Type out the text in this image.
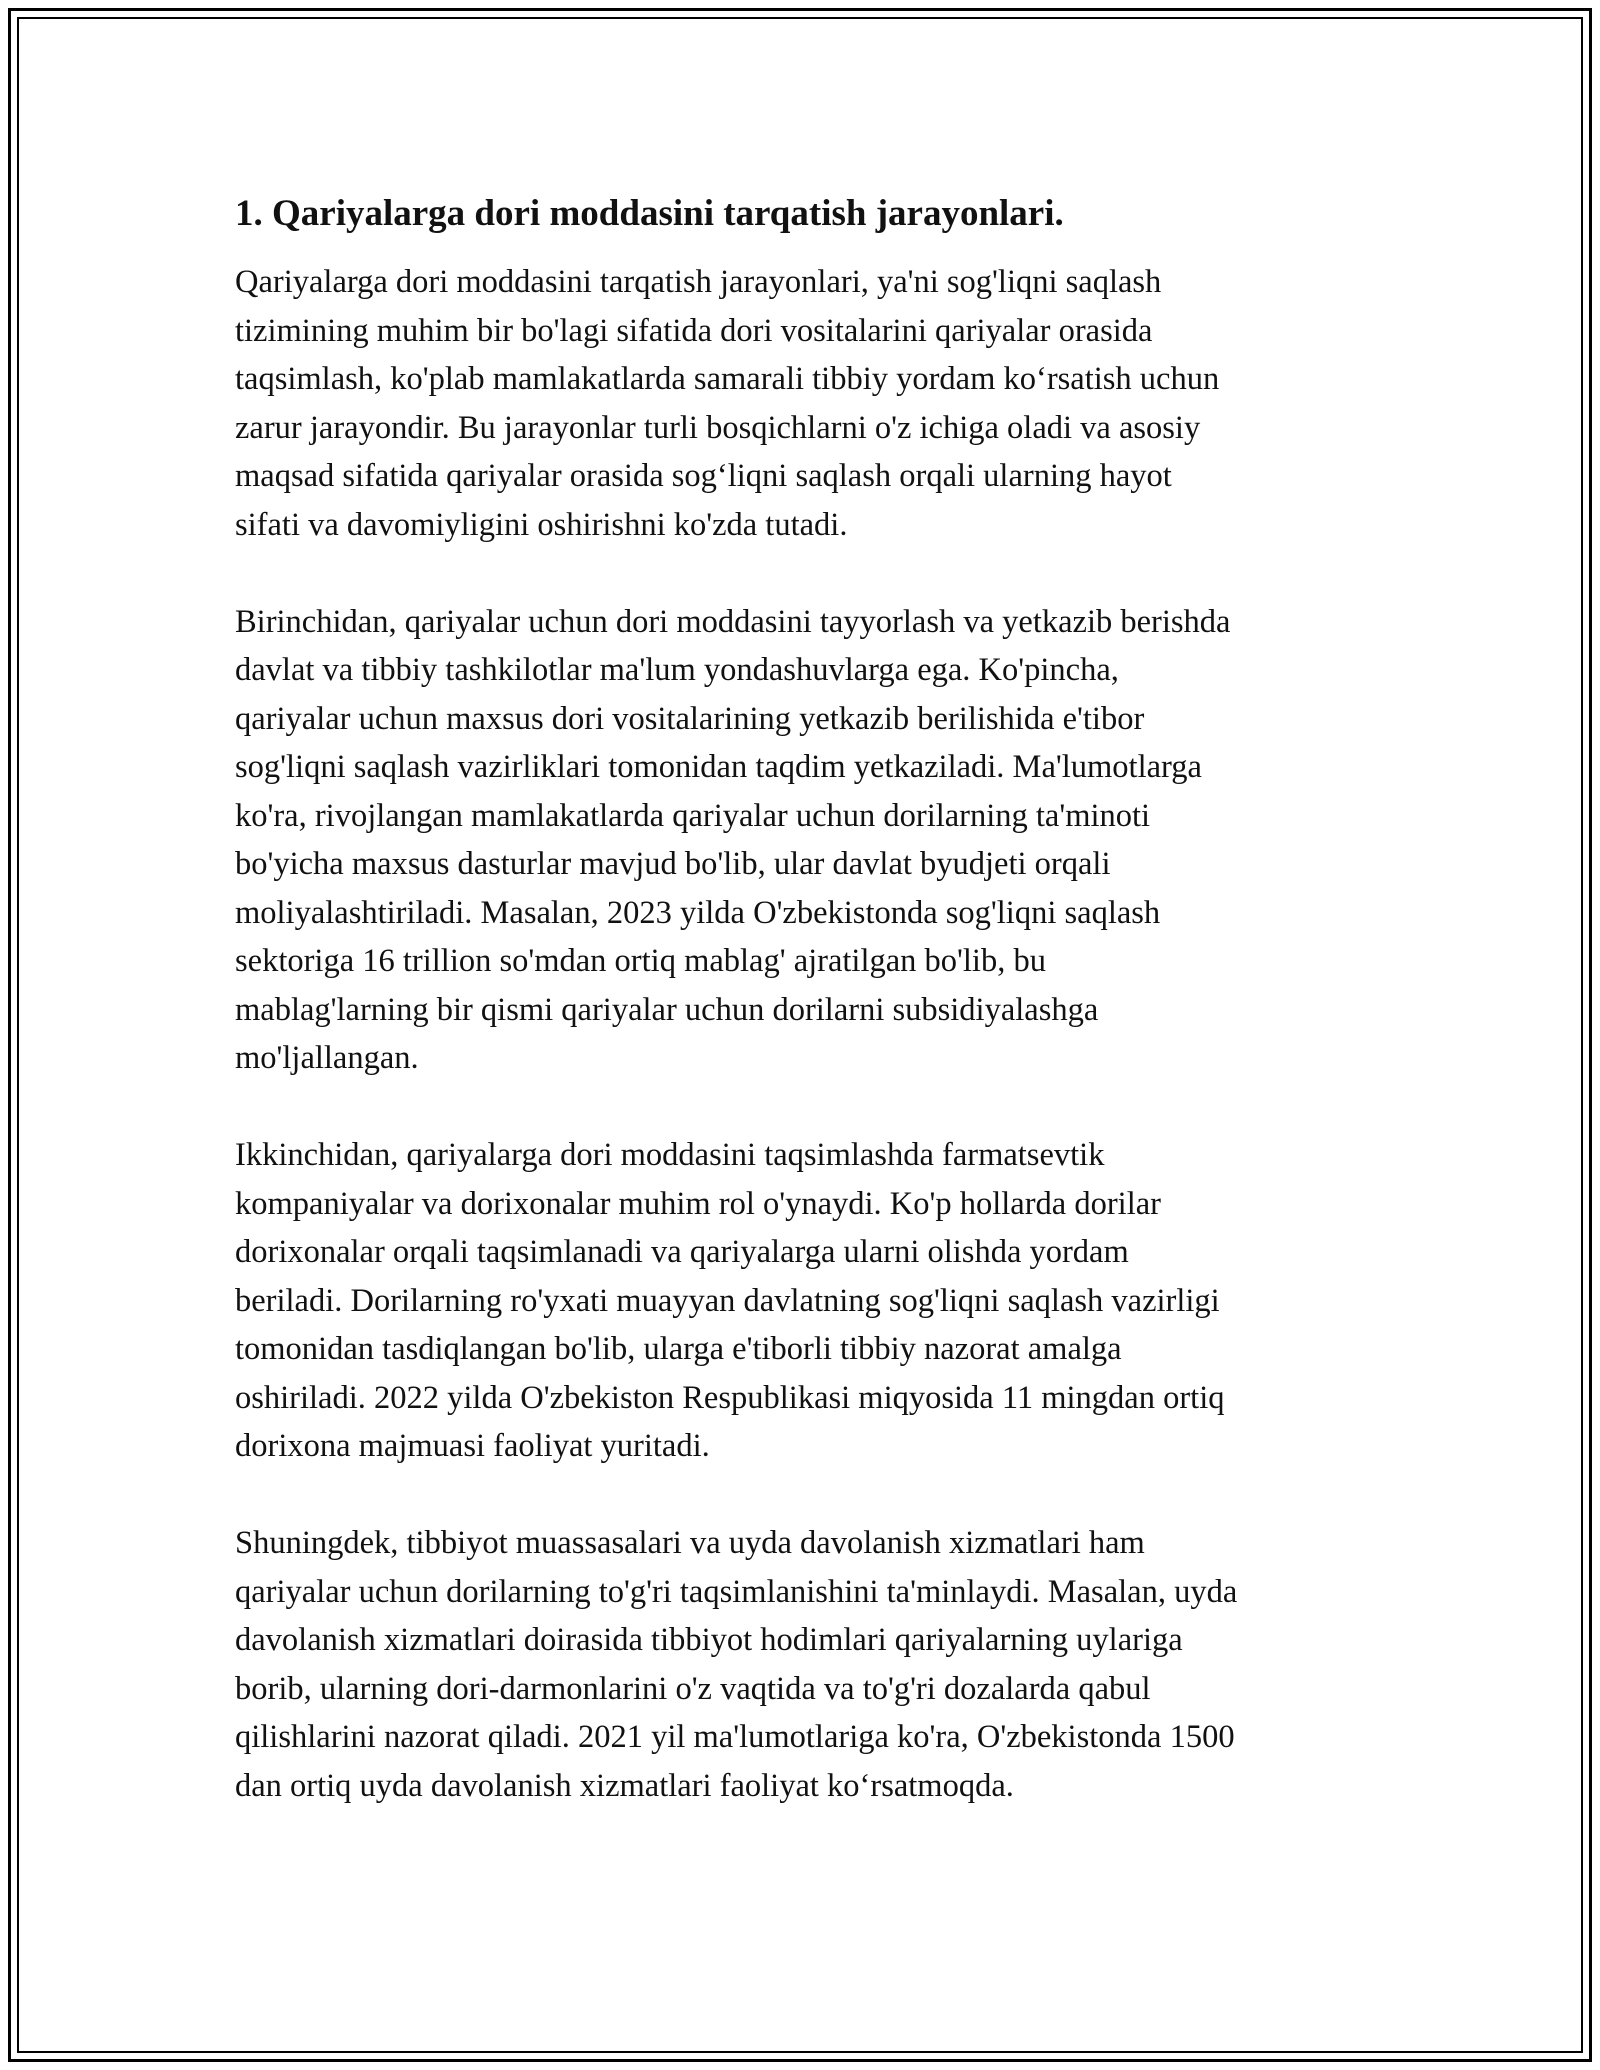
1. Qariyalarga dori moddasini tarqatish jarayonlari.

Qariyalarga dori moddasini tarqatish jarayonlari, ya'ni sog'liqni saqlash
tizimining muhim bir bo'lagi sifatida dori vositalarini qariyalar orasida
taqsimlash, ko'plab mamlakatlarda samarali tibbiy yordam ko‘rsatish uchun
zarur jarayondir. Bu jarayonlar turli bosqichlarni o'z ichiga oladi va asosiy
maqsad sifatida qariyalar orasida sog‘liqni saqlash orqali ularning hayot
sifati va davomiyligini oshirishni ko'zda tutadi.

Birinchidan, qariyalar uchun dori moddasini tayyorlash va yetkazib berishda
davlat va tibbiy tashkilotlar ma'lum yondashuvlarga ega. Ko'pincha,
qariyalar uchun maxsus dori vositalarining yetkazib berilishida e'tibor
sog'liqni saqlash vazirliklari tomonidan taqdim yetkaziladi. Ma'lumotlarga
ko'ra, rivojlangan mamlakatlarda qariyalar uchun dorilarning ta'minoti
bo'yicha maxsus dasturlar mavjud bo'lib, ular davlat byudjeti orqali
moliyalashtiriladi. Masalan, 2023 yilda O'zbekistonda sog'liqni saqlash
sektoriga 16 trillion so'mdan ortiq mablag' ajratilgan bo'lib, bu
mablag'larning bir qismi qariyalar uchun dorilarni subsidiyalashga
mo'ljallangan.

Ikkinchidan, qariyalarga dori moddasini taqsimlashda farmatsevtik
kompaniyalar va dorixonalar muhim rol o'ynaydi. Ko'p hollarda dorilar
dorixonalar orqali taqsimlanadi va qariyalarga ularni olishda yordam
beriladi. Dorilarning ro'yxati muayyan davlatning sog'liqni saqlash vazirligi
tomonidan tasdiqlangan bo'lib, ularga e'tiborli tibbiy nazorat amalga
oshiriladi. 2022 yilda O'zbekiston Respublikasi miqyosida 11 mingdan ortiq
dorixona majmuasi faoliyat yuritadi.

Shuningdek, tibbiyot muassasalari va uyda davolanish xizmatlari ham
qariyalar uchun dorilarning to'g'ri taqsimlanishini ta'minlaydi. Masalan, uyda
davolanish xizmatlari doirasida tibbiyot hodimlari qariyalarning uylariga
borib, ularning dori-darmonlarini o'z vaqtida va to'g'ri dozalarda qabul
qilishlarini nazorat qiladi. 2021 yil ma'lumotlariga ko'ra, O'zbekistonda 1500
dan ortiq uyda davolanish xizmatlari faoliyat ko‘rsatmoqda.
